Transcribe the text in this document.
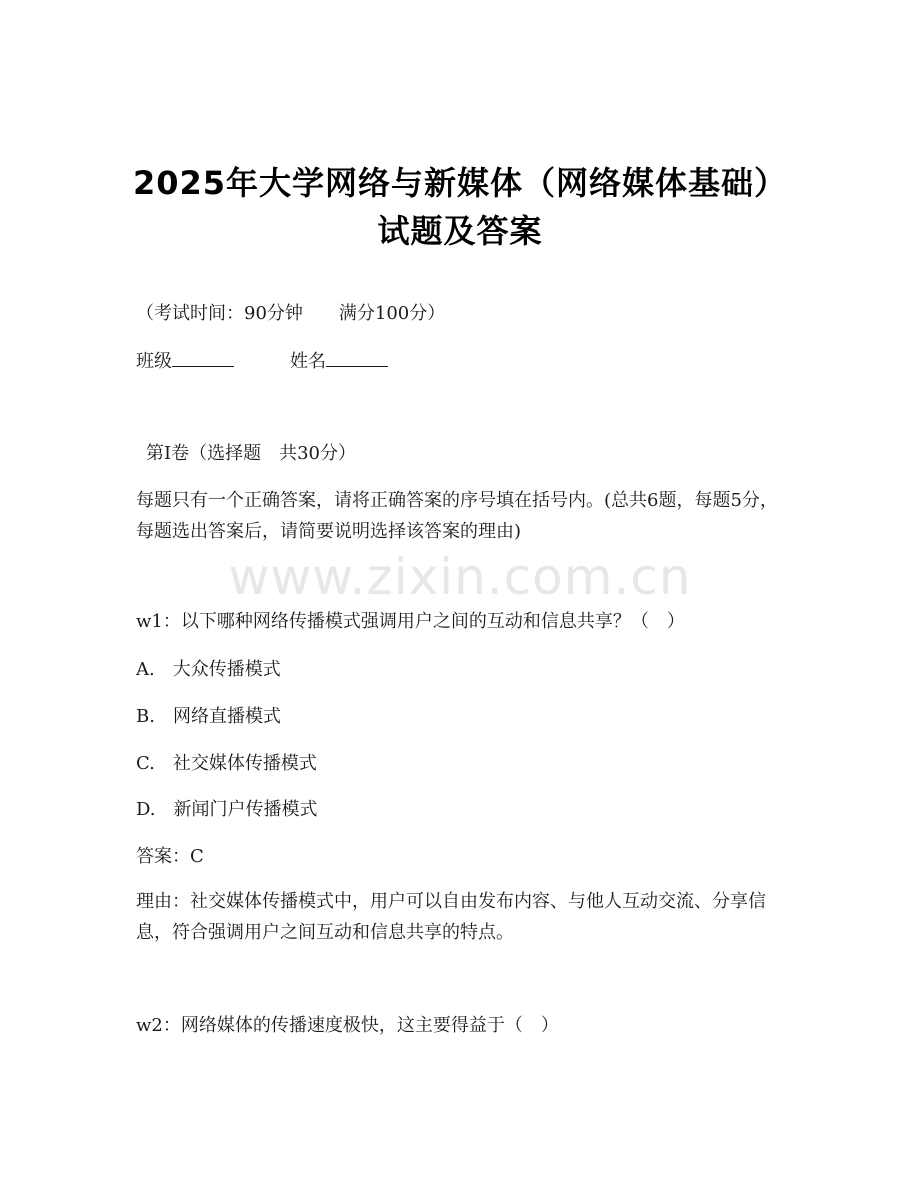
2025年大学网络与新媒体（网络媒体基础）
试题及答案
（考试时间：90分钟　　满分100分）
班级	姓名
第Ⅰ卷（选择题　共30分）
每题只有一个正确答案，请将正确答案的序号填在括号内。(总共6题，每题5分，每题选出答案后，请简要说明选择该答案的理由)
www.zixin.com.cn
w1：以下哪种网络传播模式强调用户之间的互动和信息共享？（　）
A.　大众传播模式
B.　网络直播模式
C.　社交媒体传播模式
D.　新闻门户传播模式
答案：C
理由：社交媒体传播模式中，用户可以自由发布内容、与他人互动交流、分享信息，符合强调用户之间互动和信息共享的特点。
w2：网络媒体的传播速度极快，这主要得益于（　）
